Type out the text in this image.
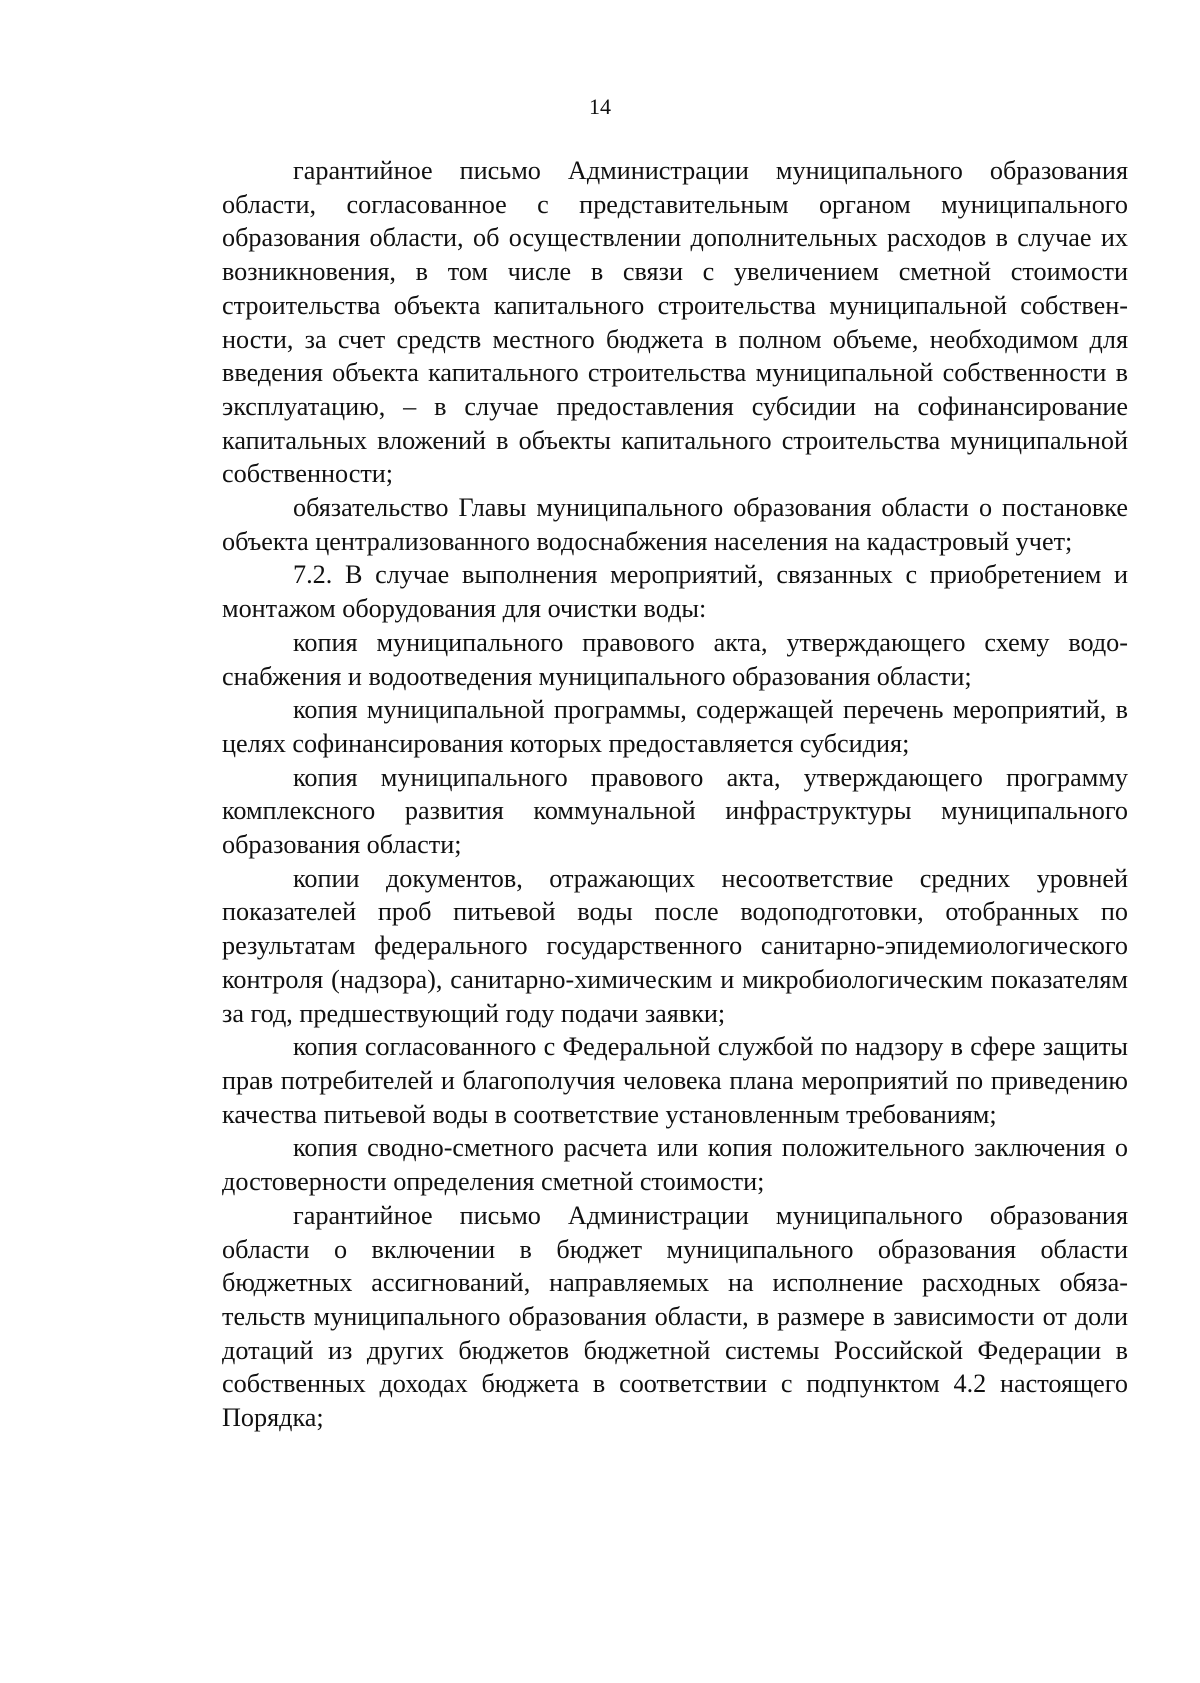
14

гарантийное письмо Администрации муниципального образования области, согласованное с представительным органом муниципального образования области, об осуществлении дополнительных расходов в случае их возникновения, в том числе в связи с увеличением сметной стоимости строительства объекта капитального строительства муниципальной собственности, за счет средств местного бюджета в полном объеме, необходимом для введения объекта капитального строительства муниципальной собственности в эксплуатацию, – в случае предоставления субсидии на софинансирование капитальных вложений в объекты капитального строительства муниципальной собственности;

обязательство Главы муниципального образования области о постановке объекта централизованного водоснабжения населения на кадастровый учет;

7.2. В случае выполнения мероприятий, связанных с приобретением и монтажом оборудования для очистки воды:

копия муниципального правового акта, утверждающего схему водоснабжения и водоотведения муниципального образования области;

копия муниципальной программы, содержащей перечень мероприятий, в целях софинансирования которых предоставляется субсидия;

копия муниципального правового акта, утверждающего программу комплексного развития коммунальной инфраструктуры муниципального образования области;

копии документов, отражающих несоответствие средних уровней показателей проб питьевой воды после водоподготовки, отобранных по результатам федерального государственного санитарно-эпидемиологического контроля (надзора), санитарно-химическим и микробиологическим показателям за год, предшествующий году подачи заявки;

копия согласованного с Федеральной службой по надзору в сфере защиты прав потребителей и благополучия человека плана мероприятий по приведению качества питьевой воды в соответствие установленным требованиям;

копия сводно-сметного расчета или копия положительного заключения о достоверности определения сметной стоимости;

гарантийное письмо Администрации муниципального образования области о включении в бюджет муниципального образования области бюджетных ассигнований, направляемых на исполнение расходных обязательств муниципального образования области, в размере в зависимости от доли дотаций из других бюджетов бюджетной системы Российской Федерации в собственных доходах бюджета в соответствии с подпунктом 4.2 настоящего Порядка;
